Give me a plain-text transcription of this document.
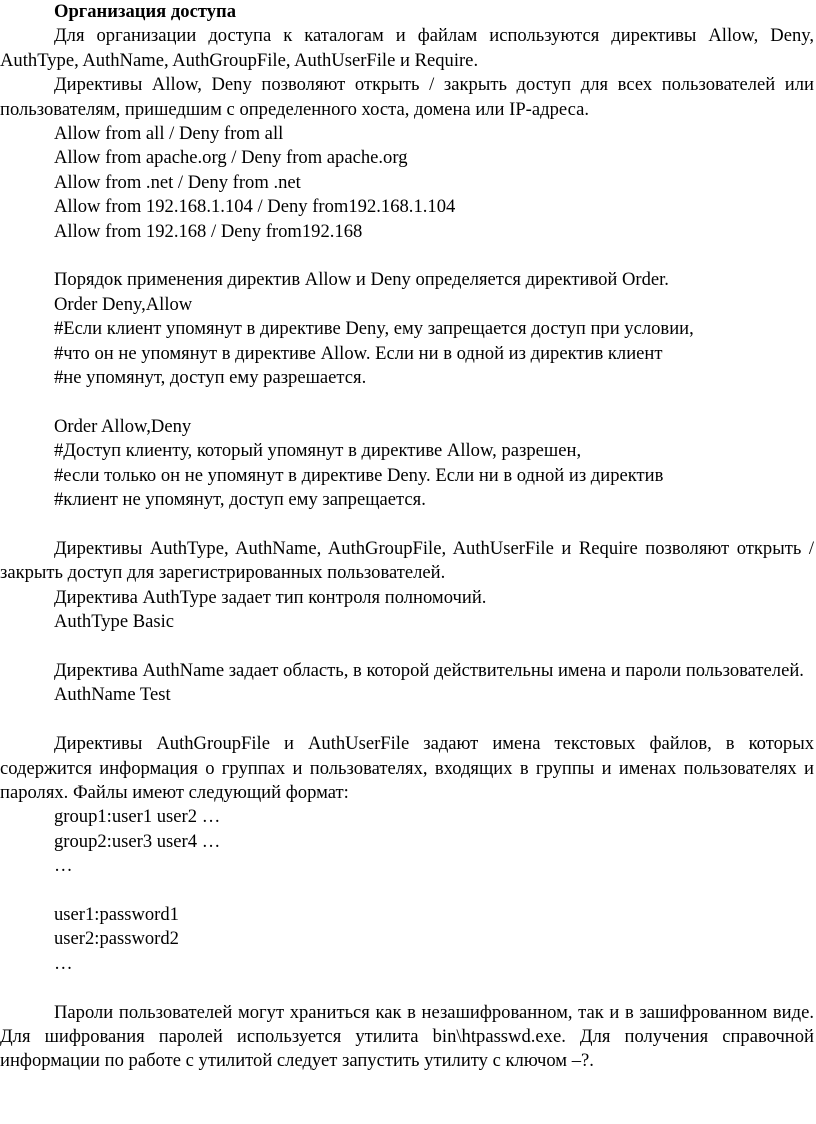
Организация доступа

Для организации доступа к каталогам и файлам используются директивы Allow, Deny, AuthType, AuthName, AuthGroupFile, AuthUserFile и Require.

Директивы Allow, Deny позволяют открыть / закрыть доступ для всех пользователей или пользователям, пришедшим с определенного хоста, домена или IP-адреса.

Allow from all / Deny from all

Allow from apache.org / Deny from apache.org

Allow from .net / Deny from .net

Allow from 192.168.1.104 / Deny from192.168.1.104

Allow from 192.168 / Deny from192.168

Порядок применения директив Allow и Deny определяется директивой Order.

Order Deny,Allow

#Если клиент упомянут в директиве Deny, ему запрещается доступ при условии,

#что он не упомянут в директиве Allow. Если ни в одной из директив клиент

#не упомянут, доступ ему разрешается.

Order Allow,Deny

#Доступ клиенту, который упомянут в директиве Allow, разрешен,

#если только он не упомянут в директиве Deny. Если ни в одной из директив

#клиент не упомянут, доступ ему запрещается.

Директивы AuthType, AuthName, AuthGroupFile, AuthUserFile и Require позволяют открыть / закрыть доступ для зарегистрированных пользователей.

Директива AuthType задает тип контроля полномочий.

AuthType Basic

Директива AuthName задает область, в которой действительны имена и пароли пользователей.

AuthName Test

Директивы AuthGroupFile и AuthUserFile задают имена текстовых файлов, в которых содержится информация о группах и пользователях, входящих в группы и именах пользователях и паролях. Файлы имеют следующий формат:

group1:user1 user2 …

group2:user3 user4 …

…

user1:password1

user2:password2

…

Пароли пользователей могут храниться как в незашифрованном, так и в зашифрованном виде. Для шифрования паролей используется утилита bin\htpasswd.exe. Для получения справочной информации по работе с утилитой следует запустить утилиту с ключом –?.
